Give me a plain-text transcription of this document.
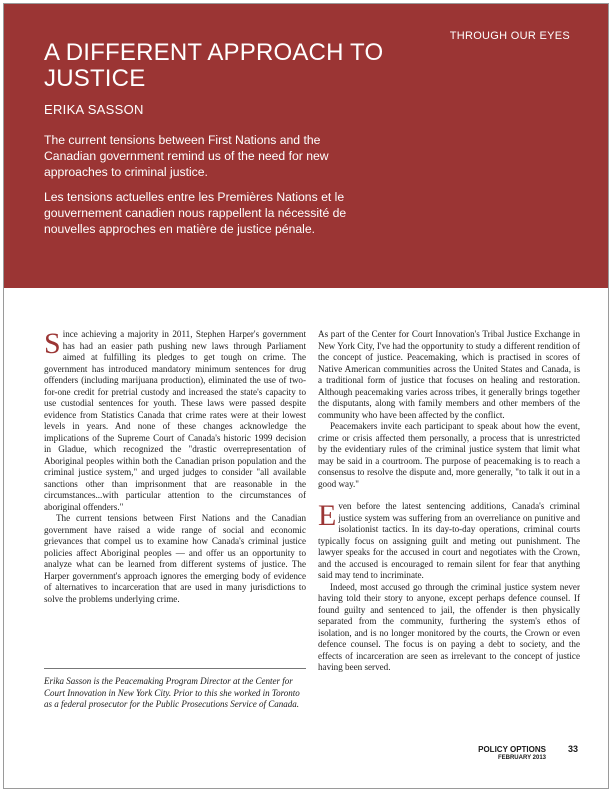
THROUGH OUR EYES
A DIFFERENT APPROACH TO JUSTICE
ERIKA SASSON

The current tensions between First Nations and the Canadian government remind us of the need for new approaches to criminal justice.

Les tensions actuelles entre les Premières Nations et le gouvernement canadien nous rappellent la nécessité de nouvelles approches en matière de justice pénale.

Since achieving a majority in 2011, Stephen Harper's government has had an easier path pushing new laws through Parliament aimed at fulfilling its pledges to get tough on crime. The government has introduced mandatory minimum sentences for drug offenders (including marijuana production), eliminated the use of two-for-one credit for pretrial custody and increased the state's capacity to use custodial sentences for youth. These laws were passed despite evidence from Statistics Canada that crime rates were at their lowest levels in years. And none of these changes acknowledge the implications of the Supreme Court of Canada's historic 1999 decision in Gladue, which recognized the "drastic overrepresentation of Aboriginal peoples within both the Canadian prison population and the criminal justice system," and urged judges to consider "all available sanctions other than imprisonment that are reasonable in the circumstances...with particular attention to the circumstances of aboriginal offenders."

The current tensions between First Nations and the Canadian government have raised a wide range of social and economic grievances that compel us to examine how Canada's criminal justice policies affect Aboriginal peoples — and offer us an opportunity to analyze what can be learned from different systems of justice. The Harper government's approach ignores the emerging body of evidence of alternatives to incarceration that are used in many jurisdictions to solve the problems underlying crime.

As part of the Center for Court Innovation's Tribal Justice Exchange in New York City, I've had the opportunity to study a different rendition of the concept of justice. Peacemaking, which is practised in scores of Native American communities across the United States and Canada, is a traditional form of justice that focuses on healing and restoration. Although peacemaking varies across tribes, it generally brings together the disputants, along with family members and other members of the community who have been affected by the conflict.

Peacemakers invite each participant to speak about how the event, crime or crisis affected them personally, a process that is unrestricted by the evidentiary rules of the criminal justice system that limit what may be said in a courtroom. The purpose of peacemaking is to reach a consensus to resolve the dispute and, more generally, "to talk it out in a good way."

Even before the latest sentencing additions, Canada's criminal justice system was suffering from an overreliance on punitive and isolationist tactics. In its day-to-day operations, criminal courts typically focus on assigning guilt and meting out punishment. The lawyer speaks for the accused in court and negotiates with the Crown, and the accused is encouraged to remain silent for fear that anything said may tend to incriminate.

Indeed, most accused go through the criminal justice system never having told their story to anyone, except perhaps defence counsel. If found guilty and sentenced to jail, the offender is then physically separated from the community, furthering the system's ethos of isolation, and is no longer monitored by the courts, the Crown or even defence counsel. The focus is on paying a debt to society, and the effects of incarceration are seen as irrelevant to the concept of justice having been served.

Erika Sasson is the Peacemaking Program Director at the Center for Court Innovation in New York City. Prior to this she worked in Toronto as a federal prosecutor for the Public Prosecutions Service of Canada.
POLICY OPTIONS
FEBRUARY 2013
33
